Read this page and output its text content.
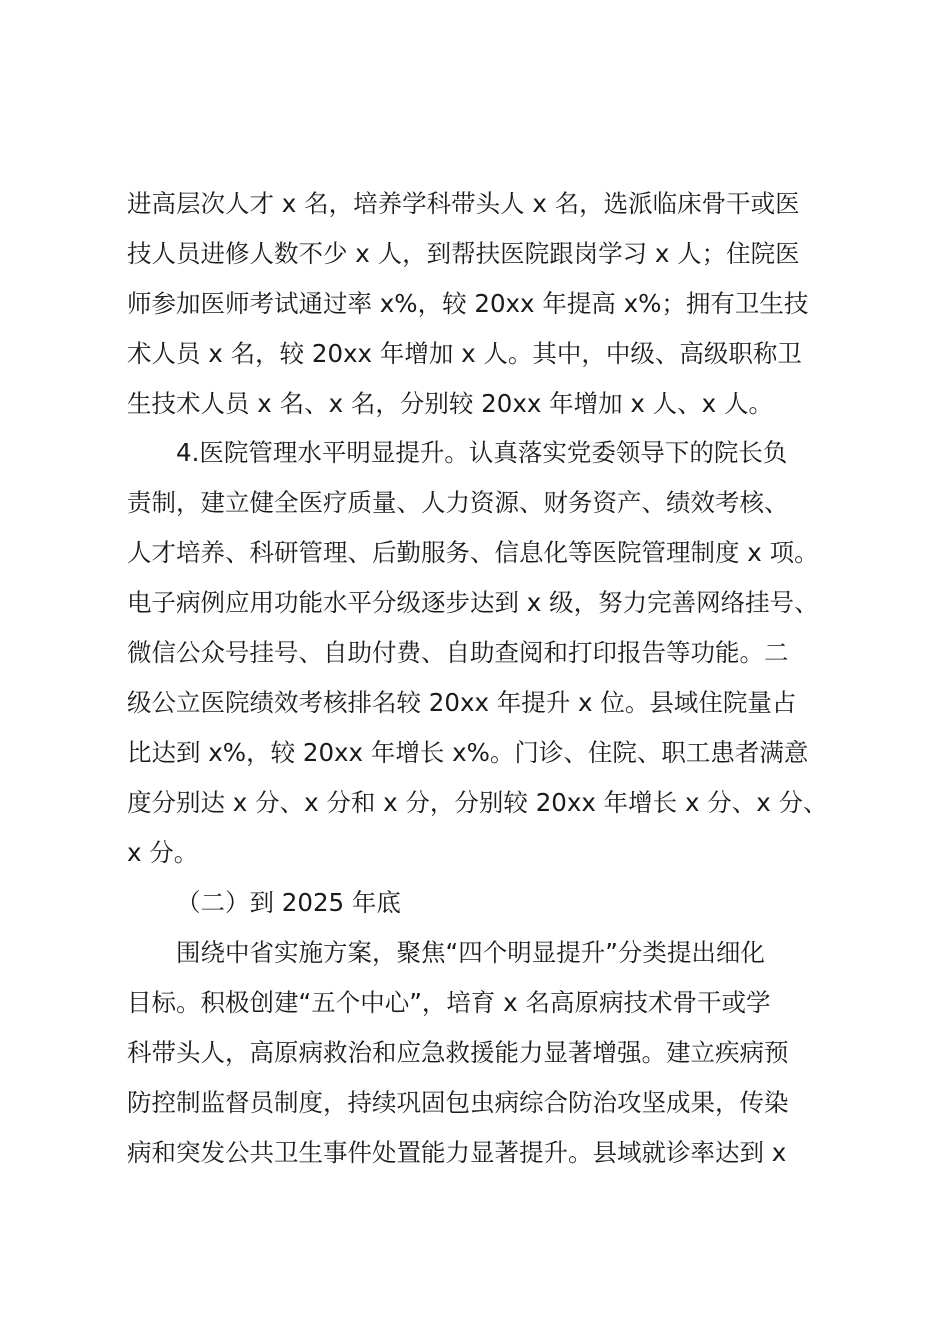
进高层次人才 x 名，培养学科带头人 x 名，选派临床骨干或医

技人员进修人数不少 x 人，到帮扶医院跟岗学习 x 人；住院医

师参加医师考试通过率 x%，较 20xx 年提高 x%；拥有卫生技

术人员 x 名，较 20xx 年增加 x 人。其中，中级、高级职称卫

生技术人员 x 名、x 名，分别较 20xx 年增加 x 人、x 人。

4.医院管理水平明显提升。认真落实党委领导下的院长负

责制，建立健全医疗质量、人力资源、财务资产、绩效考核、

人才培养、科研管理、后勤服务、信息化等医院管理制度 x 项。

电子病例应用功能水平分级逐步达到 x 级，努力完善网络挂号、

微信公众号挂号、自助付费、自助查阅和打印报告等功能。二

级公立医院绩效考核排名较 20xx 年提升 x 位。县域住院量占

比达到 x%，较 20xx 年增长 x%。门诊、住院、职工患者满意

度分别达 x 分、x 分和 x 分，分别较 20xx 年增长 x 分、x 分、

x 分。

（二）到 2025 年底

围绕中省实施方案，聚焦“四个明显提升”分类提出细化

目标。积极创建“五个中心”，培育 x 名高原病技术骨干或学

科带头人，高原病救治和应急救援能力显著增强。建立疾病预

防控制监督员制度，持续巩固包虫病综合防治攻坚成果，传染

病和突发公共卫生事件处置能力显著提升。县域就诊率达到 x
